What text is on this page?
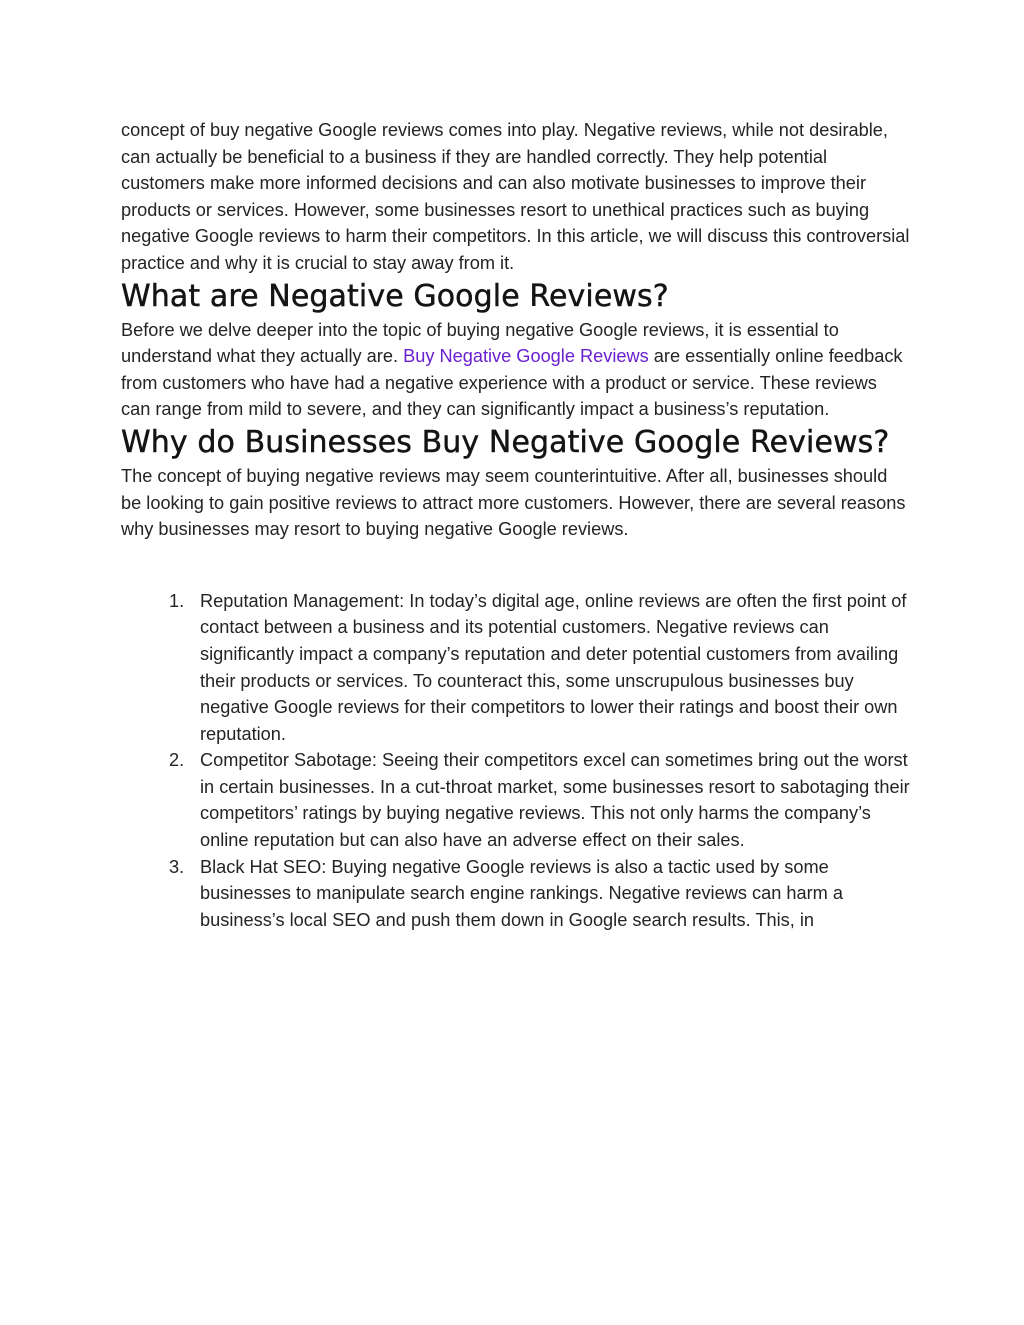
concept of buy negative Google reviews comes into play. Negative reviews, while not desirable, can actually be beneficial to a business if they are handled correctly. They help potential customers make more informed decisions and can also motivate businesses to improve their products or services. However, some businesses resort to unethical practices such as buying negative Google reviews to harm their competitors. In this article, we will discuss this controversial practice and why it is crucial to stay away from it.

What are Negative Google Reviews?

Before we delve deeper into the topic of buying negative Google reviews, it is essential to understand what they actually are. Buy Negative Google Reviews are essentially online feedback from customers who have had a negative experience with a product or service. These reviews can range from mild to severe, and they can significantly impact a business’s reputation.

Why do Businesses Buy Negative Google Reviews?

The concept of buying negative reviews may seem counterintuitive. After all, businesses should be looking to gain positive reviews to attract more customers. However, there are several reasons why businesses may resort to buying negative Google reviews.

1. Reputation Management: In today’s digital age, online reviews are often the first point of contact between a business and its potential customers. Negative reviews can significantly impact a company’s reputation and deter potential customers from availing their products or services. To counteract this, some unscrupulous businesses buy negative Google reviews for their competitors to lower their ratings and boost their own reputation.
2. Competitor Sabotage: Seeing their competitors excel can sometimes bring out the worst in certain businesses. In a cut-throat market, some businesses resort to sabotaging their competitors’ ratings by buying negative reviews. This not only harms the company’s online reputation but can also have an adverse effect on their sales.
3. Black Hat SEO: Buying negative Google reviews is also a tactic used by some businesses to manipulate search engine rankings. Negative reviews can harm a business’s local SEO and push them down in Google search results. This, in
